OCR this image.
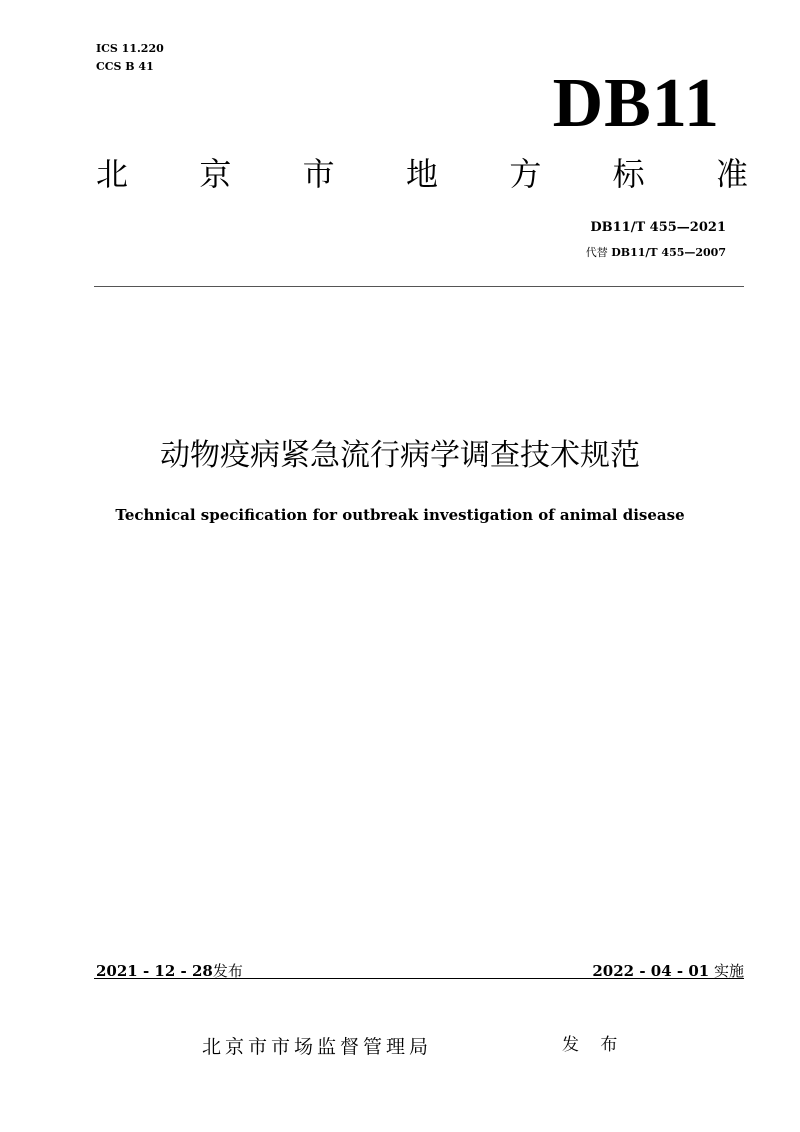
ICS 11.220
CCS B 41	DB11
北 京 市 地 方 标 准
DB11/T 455—2021
代替 DB11/T 455—2007
动物疫病紧急流行病学调查技术规范
Technical specification for outbreak investigation of animal disease
2021 - 12 - 28发布	2022 - 04 - 01 实施
北京市市场监督管理局	发 布
